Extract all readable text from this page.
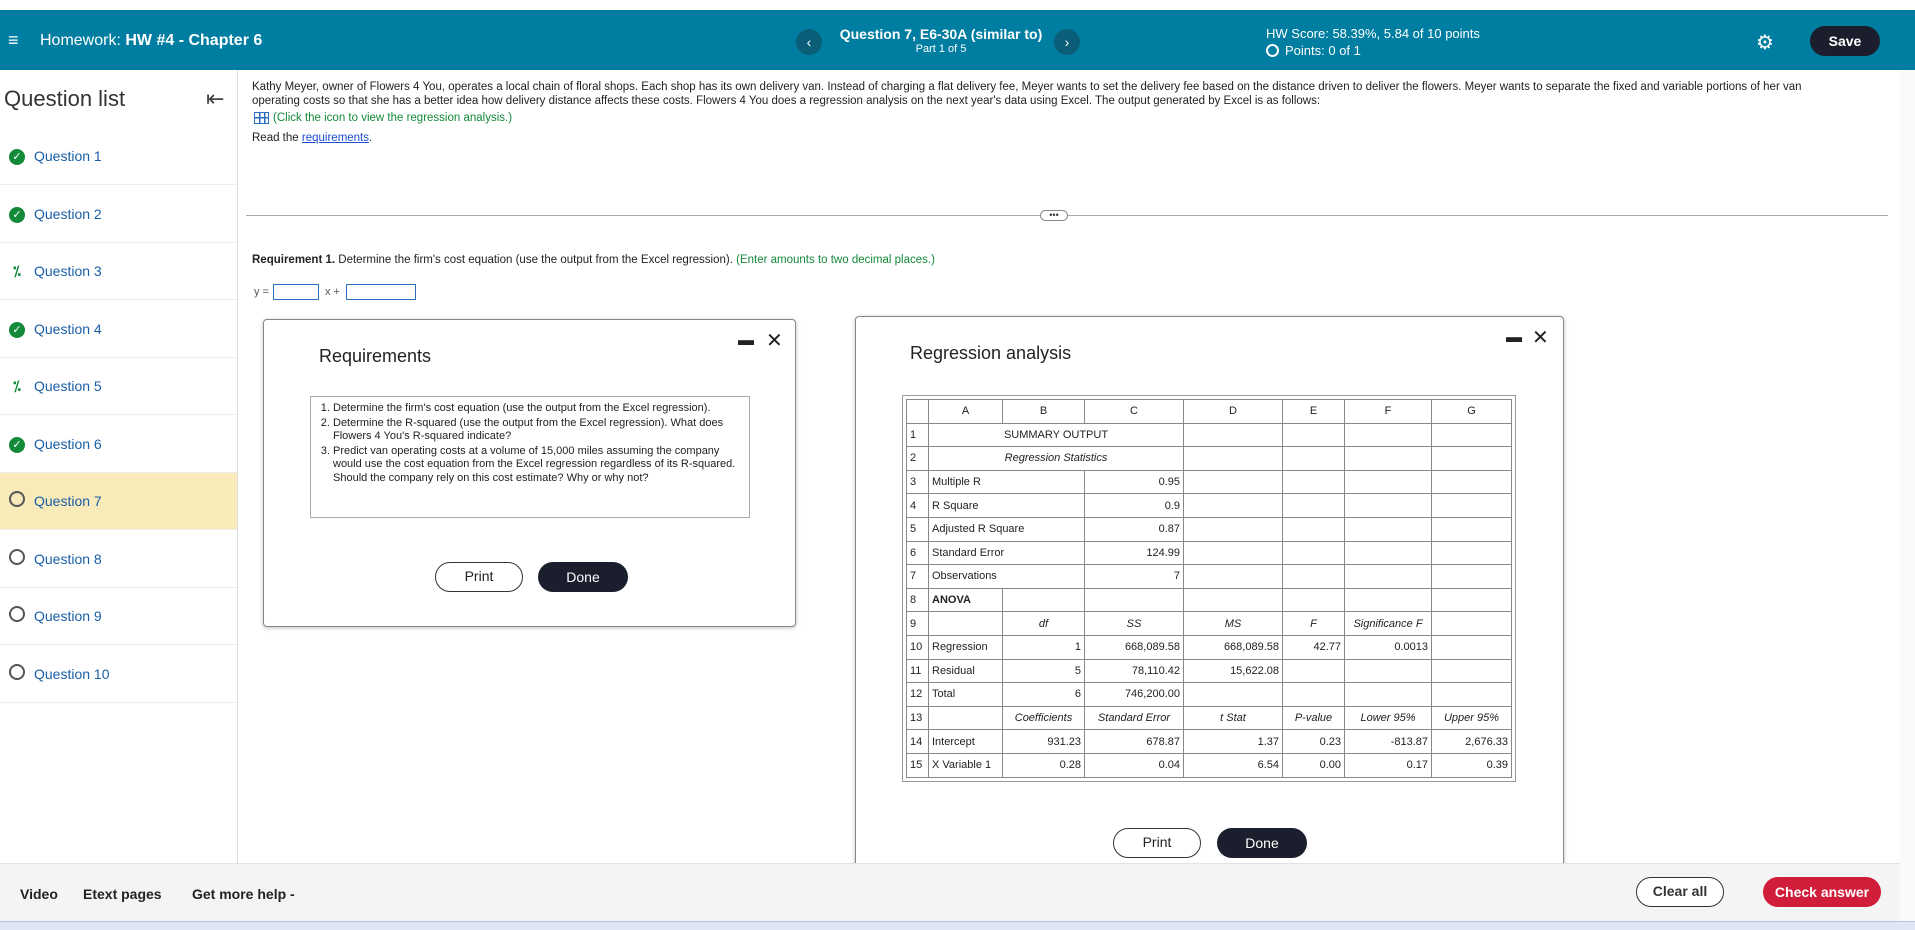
≡ Homework: HW #4 - Chapter 6	‹	Question 7, E6-30A (similar to)
Part 1 of 5	›
HW Score: 58.39%, 5.84 of 10 points
Points: 0 of 1	⚙	Save
Question list	⇤
✓ Question 1
✓ Question 2
⁒ Question 3
✓ Question 4
⁒ Question 5
✓ Question 6
Question 7
Question 8
Question 9
Question 10
Kathy Meyer, owner of Flowers 4 You, operates a local chain of floral shops. Each shop has its own delivery van. Instead of charging a flat delivery fee, Meyer wants to set the delivery fee based on the distance driven to deliver the flowers. Meyer wants to separate the fixed and variable portions of her van operating costs so that she has a better idea how delivery distance affects these costs. Flowers 4 You does a regression analysis on the next year's data using Excel. The output generated by Excel is as follows:
(Click the icon to view the regression analysis.)
Read the requirements.
•••
Requirement 1. Determine the firm's cost equation (use the output from the Excel regression). (Enter amounts to two decimal places.)
y =	x +
Requirements
▬ ✕
1. Determine the firm's cost equation (use the output from the Excel regression).
2. Determine the R-squared (use the output from the Excel regression). What does Flowers 4 You's R-squared indicate?
3. Predict van operating costs at a volume of 15,000 miles assuming the company would use the cost equation from the Excel regression regardless of its R-squared. Should the company rely on this cost estimate? Why or why not?
Print	Done
Regression analysis
▬ ✕
	A	B	C	D	E	F	G
1	SUMMARY OUTPUT						
2	Regression Statistics						
3	Multiple R		0.95				
4	R Square		0.9				
5	Adjusted R Square		0.87				
6	Standard Error		124.99				
7	Observations		7				
8	ANOVA						
9		df	SS	MS	F	Significance F	
10	Regression	1	668,089.58	668,089.58	42.77	0.0013	
11	Residual	5	78,110.42	15,622.08			
12	Total	6	746,200.00				
13		Coefficients	Standard Error	t Stat	P-value	Lower 95%	Upper 95%
14	Intercept	931.23	678.87	1.37	0.23	-813.87	2,676.33
15	X Variable 1	0.28	0.04	6.54	0.00	0.17	0.39
Print	Done
Video Etext pages Get more help -	Clear all	Check answer
